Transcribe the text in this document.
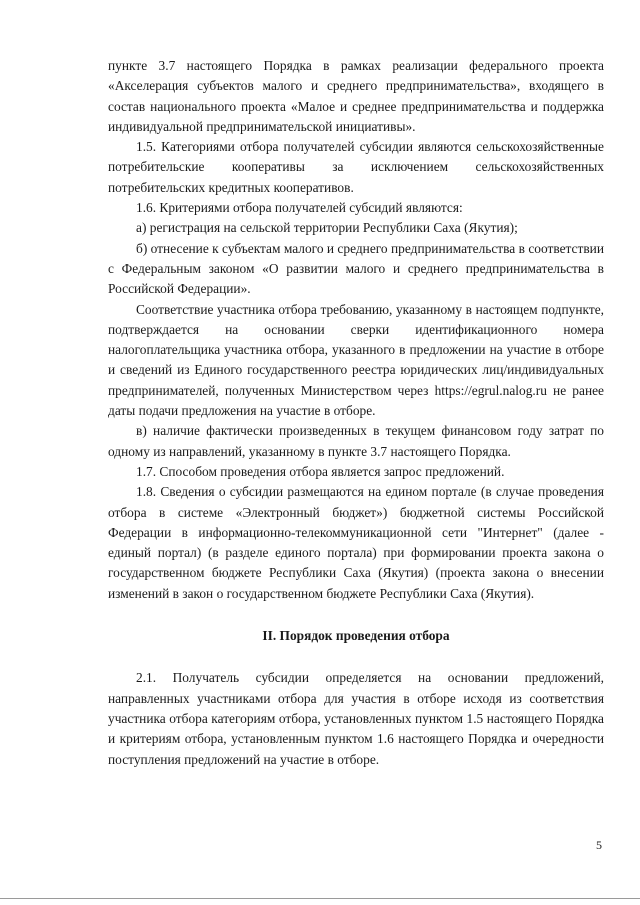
пункте 3.7 настоящего Порядка в рамках реализации федерального проекта «Акселерация субъектов малого и среднего предпринимательства», входящего в состав национального проекта «Малое и среднее предпринимательства и поддержка индивидуальной предпринимательской инициативы».

1.5. Категориями отбора получателей субсидии являются сельскохозяйственные потребительские кооперативы за исключением сельскохозяйственных потребительских кредитных кооперативов.

1.6. Критериями отбора получателей субсидий являются:

а) регистрация на сельской территории Республики Саха (Якутия);

б) отнесение к субъектам малого и среднего предпринимательства в соответствии с Федеральным законом «О развитии малого и среднего предпринимательства в Российской Федерации».

Соответствие участника отбора требованию, указанному в настоящем подпункте, подтверждается на основании сверки идентификационного номера налогоплательщика участника отбора, указанного в предложении на участие в отборе и сведений из Единого государственного реестра юридических лиц/индивидуальных предпринимателей, полученных Министерством через https://egrul.nalog.ru не ранее даты подачи предложения на участие в отборе.

в) наличие фактически произведенных в текущем финансовом году затрат по одному из направлений, указанному в пункте 3.7 настоящего Порядка.

1.7. Способом проведения отбора является запрос предложений.

1.8. Сведения о субсидии размещаются на едином портале (в случае проведения отбора в системе «Электронный бюджет») бюджетной системы Российской Федерации в информационно-телекоммуникационной сети "Интернет" (далее - единый портал) (в разделе единого портала) при формировании проекта закона о государственном бюджете Республики Саха (Якутия) (проекта закона о внесении изменений в закон о государственном бюджете Республики Саха (Якутия).

II. Порядок проведения отбора

2.1. Получатель субсидии определяется на основании предложений, направленных участниками отбора для участия в отборе исходя из соответствия участника отбора категориям отбора, установленных пунктом 1.5 настоящего Порядка и критериям отбора, установленным пунктом 1.6 настоящего Порядка и очередности поступления предложений на участие в отборе.

5
